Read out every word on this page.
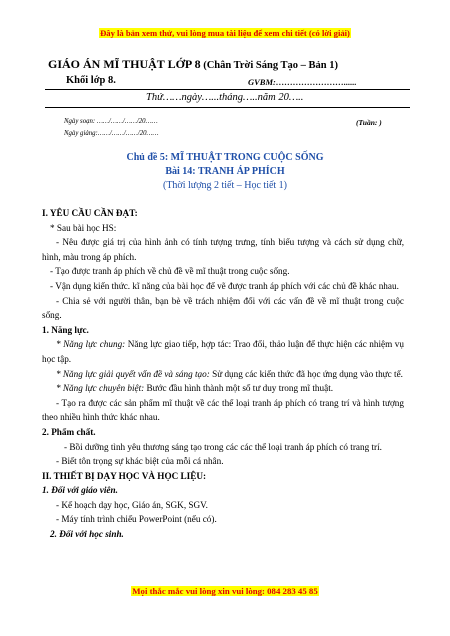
Đây là bản xem thử, vui lòng mua tài liệu để xem chi tiết (có lời giải)
GIÁO ÁN MĨ THUẬT LỚP 8 (Chân Trời Sáng Tạo – Bản 1)
Khối lớp 8.	GVBM:……………………......
Thứ……ngày…...tháng…..năm 20…..
Ngày soạn: ……/……/……/20……
Ngày giảng:……/……/……/20……
(Tuần: )
Chủ đề 5: MĨ THUẬT TRONG CUỘC SỐNG
Bài 14: TRANH ÁP PHÍCH
(Thời lượng 2 tiết – Học tiết 1)

I. YÊU CẦU CẦN ĐẠT:

* Sau bài học HS:

- Nêu được giá trị của hình ảnh có tính tượng trưng, tính biểu tượng và cách sử dụng chữ, hình, màu trong áp phích.

- Tạo được tranh áp phích về chủ đề về mĩ thuật trong cuộc sống.

- Vận dụng kiến thức. kĩ năng của bài học để vẽ được tranh áp phích với các chủ đề khác nhau.

- Chia sẻ với người thân, bạn bè về trách nhiệm đối với các vấn đề về mĩ thuật trong cuộc sống.

1. Năng lực.

* Năng lực chung: Năng lực giao tiếp, hợp tác: Trao đổi, thảo luận để thực hiện các nhiệm vụ học tập.

* Năng lực giải quyết vấn đề và sáng tạo: Sử dụng các kiến thức đã học ứng dụng vào thực tế.

* Năng lực chuyên biệt: Bước đầu hình thành một số tư duy trong mĩ thuật.

- Tạo ra được các sản phẩm mĩ thuật về các thể loại tranh áp phích có trang trí và hình tượng theo nhiều hình thức khác nhau.

2. Phẩm chất.

- Bồi dưỡng tình yêu thương sáng tạo trong các các thể loại tranh áp phích có trang trí.

- Biết tôn trọng sự khác biệt của mỗi cá nhân.

II. THIẾT BỊ DẠY HỌC VÀ HỌC LIỆU:

1. Đối với giáo viên.

- Kế hoạch dạy học, Giáo án, SGK, SGV.

- Máy tính trình chiếu PowerPoint (nếu có).

2. Đối với học sinh.

Mọi thắc mắc vui lòng xin vui lòng: 084 283 45 85
